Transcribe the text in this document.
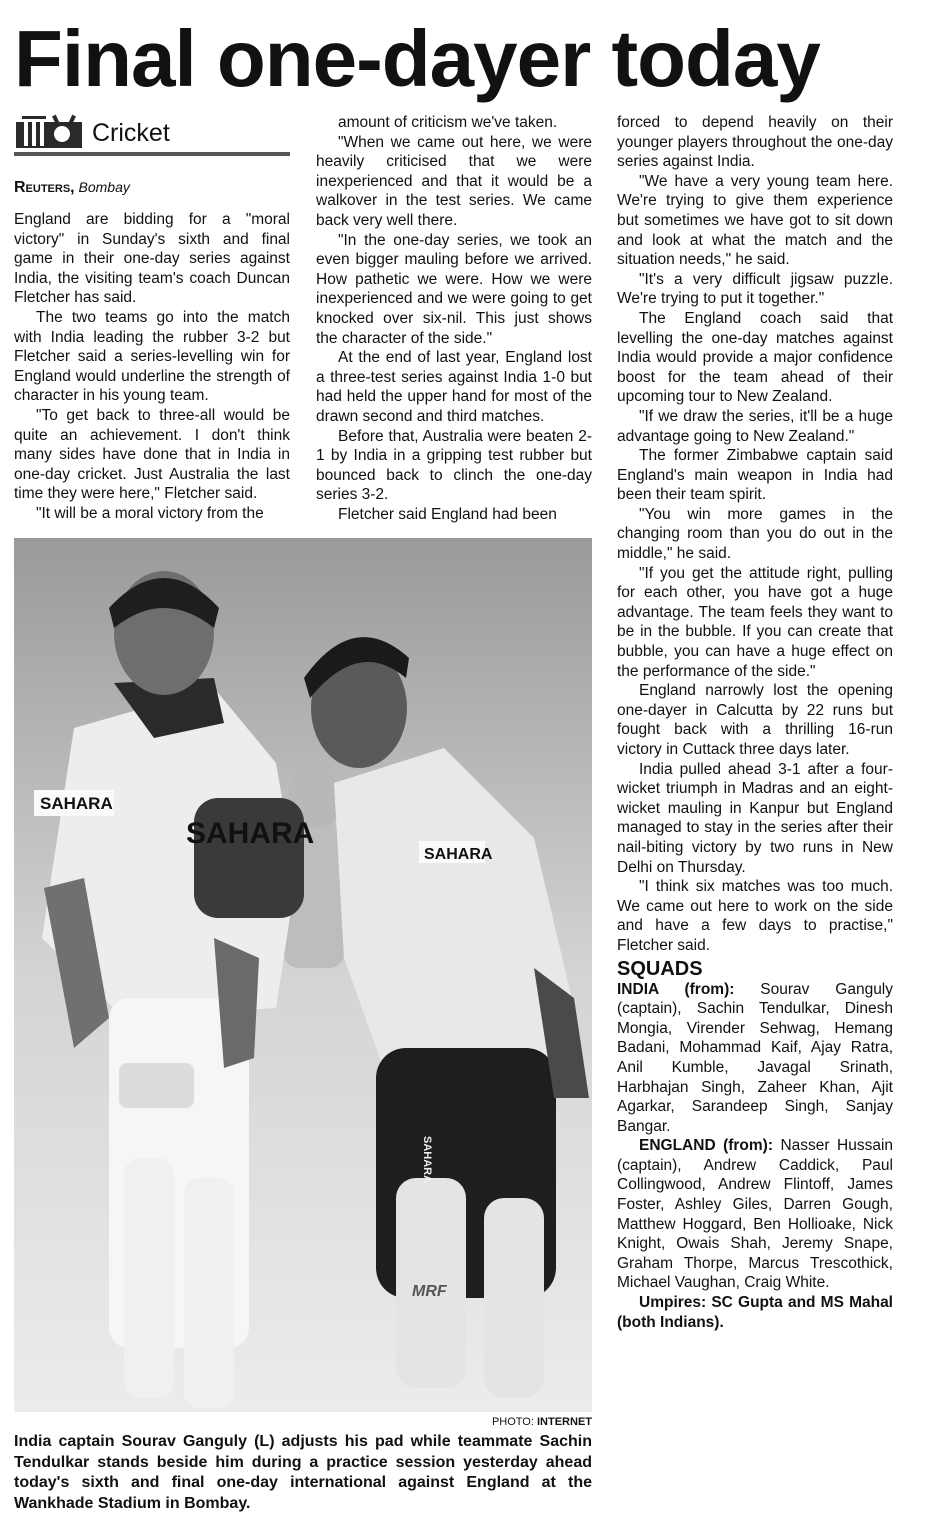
Final one-dayer today
Cricket
Reuters, Bombay

England are bidding for a "moral victory" in Sunday's sixth and final game in their one-day series against India, the visiting team's coach Duncan Fletcher has said.

The two teams go into the match with India leading the rubber 3-2 but Fletcher said a series-levelling win for England would underline the strength of character in his young team.

"To get back to three-all would be quite an achievement. I don't think many sides have done that in India in one-day cricket. Just Australia the last time they were here," Fletcher said.

"It will be a moral victory from the

amount of criticism we've taken.

"When we came out here, we were heavily criticised that we were inexperienced and that it would be a walkover in the test series. We came back very well there.

"In the one-day series, we took an even bigger mauling before we arrived. How pathetic we were. How we were inexperienced and we were going to get knocked over six-nil. This just shows the character of the side."

At the end of last year, England lost a three-test series against India 1-0 but had held the upper hand for most of the drawn second and third matches.

Before that, Australia were beaten 2-1 by India in a gripping test rubber but bounced back to clinch the one-day series 3-2.

Fletcher said England had been

forced to depend heavily on their younger players throughout the one-day series against India.

"We have a very young team here. We're trying to give them experience but sometimes we have got to sit down and look at what the match and the situation needs," he said.

"It's a very difficult jigsaw puzzle. We're trying to put it together."

The England coach said that levelling the one-day matches against India would provide a major confidence boost for the team ahead of their upcoming tour to New Zealand.

"If we draw the series, it'll be a huge advantage going to New Zealand."

The former Zimbabwe captain said England's main weapon in India had been their team spirit.

"You win more games in the changing room than you do out in the middle," he said.

"If you get the attitude right, pulling for each other, you have got a huge advantage. The team feels they want to be in the bubble. If you can create that bubble, you can have a huge effect on the performance of the side."

England narrowly lost the opening one-dayer in Calcutta by 22 runs but fought back with a thrilling 16-run victory in Cuttack three days later.

India pulled ahead 3-1 after a four-wicket triumph in Madras and an eight-wicket mauling in Kanpur but England managed to stay in the series after their nail-biting victory by two runs in New Delhi on Thursday.

"I think six matches was too much. We came out here to work on the side and have a few days to practise," Fletcher said.

SQUADS

INDIA (from): Sourav Ganguly (captain), Sachin Tendulkar, Dinesh Mongia, Virender Sehwag, Hemang Badani, Mohammad Kaif, Ajay Ratra, Anil Kumble, Javagal Srinath, Harbhajan Singh, Zaheer Khan, Ajit Agarkar, Sarandeep Singh, Sanjay Bangar.

ENGLAND (from): Nasser Hussain (captain), Andrew Caddick, Paul Collingwood, Andrew Flintoff, James Foster, Ashley Giles, Darren Gough, Matthew Hoggard, Ben Hollioake, Nick Knight, Owais Shah, Jeremy Snape, Graham Thorpe, Marcus Trescothick, Michael Vaughan, Craig White.

Umpires: SC Gupta and MS Mahal (both Indians).

SAHARA
SAHARA
SAHARA
SAHARA
MRF
PHOTO: INTERNET

India captain Sourav Ganguly (L) adjusts his pad while teammate Sachin Tendulkar stands beside him during a practice session yesterday ahead today's sixth and final one-day international against England at the Wankhade Stadium in Bombay.
